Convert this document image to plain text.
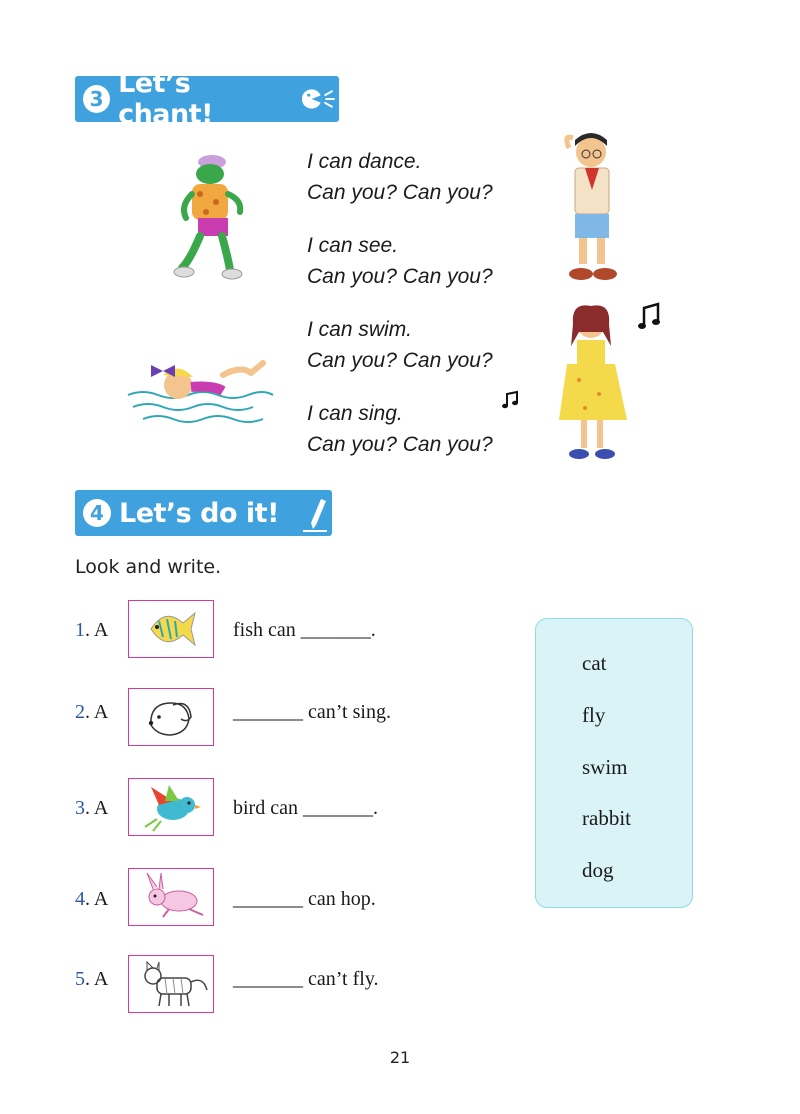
3 Let’s chant!
I can dance.
Can you? Can you?
I can see.
Can you? Can you?
I can swim.
Can you? Can you?
I can sing.
Can you? Can you?
4 Let’s do it!
Look and write.
1. A	fish can _______.
2. A	_______ can’t sing.
3. A	bird can _______.
4. A	_______ can hop.
5. A	_______ can’t fly.
cat
fly
swim
rabbit
dog
21
